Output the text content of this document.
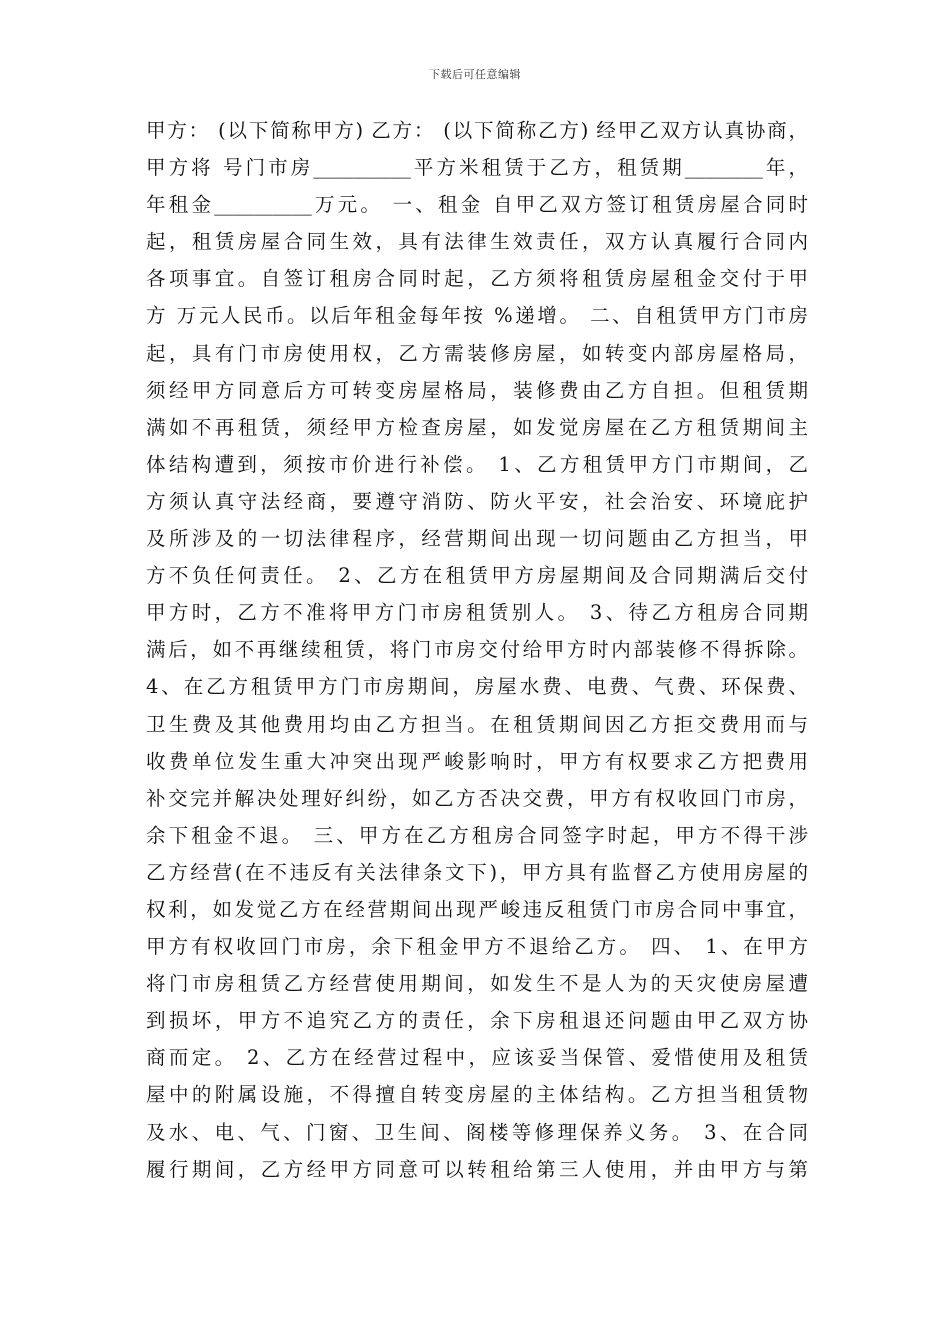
下载后可任意编辑
甲方： (以下简称甲方) 乙方： (以下简称乙方) 经甲乙双方认真协商，
甲方将 号门市房__________平方米租赁于乙方，租赁期________年，
年租金__________万元。 一、租金 自甲乙双方签订租赁房屋合同时
起，租赁房屋合同生效，具有法律生效责任，双方认真履行合同内
各项事宜。自签订租房合同时起，乙方须将租赁房屋租金交付于甲
方 万元人民币。以后年租金每年按 %递增。 二、自租赁甲方门市房
起，具有门市房使用权，乙方需装修房屋，如转变内部房屋格局，
须经甲方同意后方可转变房屋格局，装修费由乙方自担。但租赁期
满如不再租赁，须经甲方检查房屋，如发觉房屋在乙方租赁期间主
体结构遭到，须按市价进行补偿。 1、乙方租赁甲方门市期间，乙
方须认真守法经商，要遵守消防、防火平安，社会治安、环境庇护
及所涉及的一切法律程序，经营期间出现一切问题由乙方担当，甲
方不负任何责任。 2、乙方在租赁甲方房屋期间及合同期满后交付
甲方时，乙方不准将甲方门市房租赁别人。 3、待乙方租房合同期
满后，如不再继续租赁，将门市房交付给甲方时内部装修不得拆除。
4、在乙方租赁甲方门市房期间，房屋水费、电费、气费、环保费、
卫生费及其他费用均由乙方担当。在租赁期间因乙方拒交费用而与
收费单位发生重大冲突出现严峻影响时，甲方有权要求乙方把费用
补交完并解决处理好纠纷，如乙方否决交费，甲方有权收回门市房，
余下租金不退。 三、甲方在乙方租房合同签字时起，甲方不得干涉
乙方经营(在不违反有关法律条文下)，甲方具有监督乙方使用房屋的
权利，如发觉乙方在经营期间出现严峻违反租赁门市房合同中事宜，
甲方有权收回门市房，余下租金甲方不退给乙方。 四、 1、在甲方
将门市房租赁乙方经营使用期间，如发生不是人为的天灾使房屋遭
到损坏，甲方不追究乙方的责任，余下房租退还问题由甲乙双方协
商而定。 2、乙方在经营过程中，应该妥当保管、爱惜使用及租赁
屋中的附属设施，不得擅自转变房屋的主体结构。乙方担当租赁物
及水、电、气、门窗、卫生间、阁楼等修理保养义务。 3、在合同
履行期间，乙方经甲方同意可以转租给第三人使用，并由甲方与第
